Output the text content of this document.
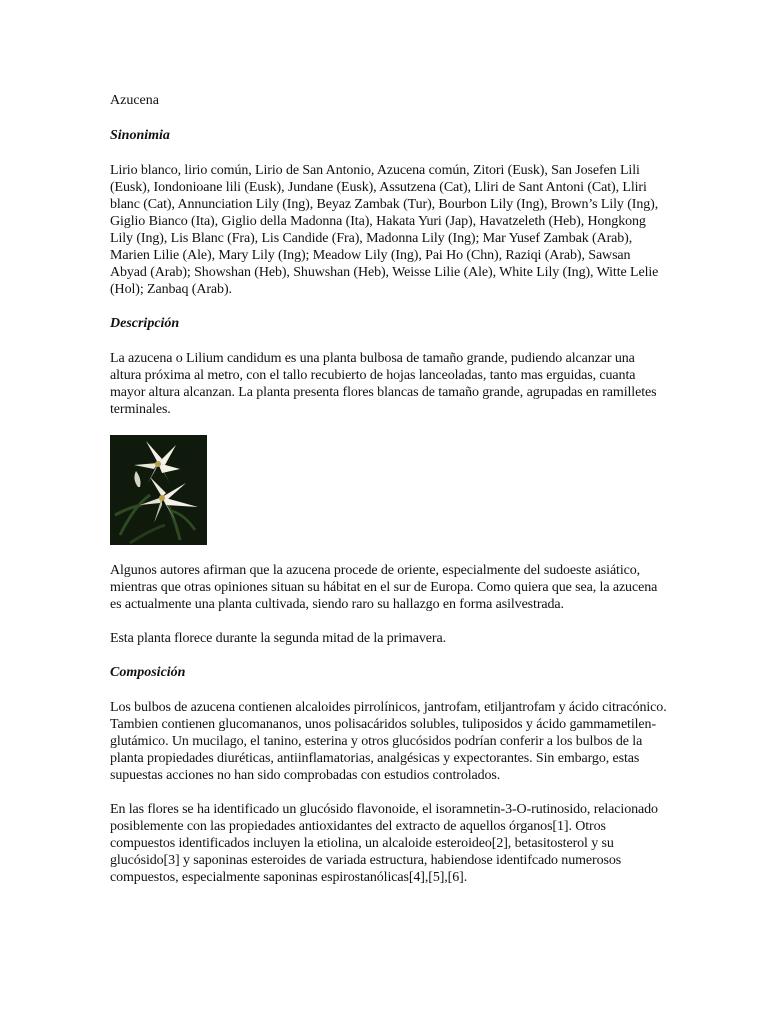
Azucena
Sinonimia

Lirio blanco, lirio común, Lirio de San Antonio, Azucena común, Zitori (Eusk), San Josefen Lili (Eusk), Iondonioane lili (Eusk), Jundane (Eusk), Assutzena (Cat), Lliri de Sant Antoni (Cat), Lliri blanc (Cat), Annunciation Lily (Ing), Beyaz Zambak (Tur), Bourbon Lily (Ing), Brown’s Lily (Ing), Giglio Bianco (Ita), Giglio della Madonna (Ita), Hakata Yuri (Jap), Havatzeleth (Heb), Hongkong Lily (Ing), Lis Blanc (Fra), Lis Candide (Fra), Madonna Lily (Ing); Mar Yusef Zambak (Arab), Marien Lilie (Ale), Mary Lily (Ing); Meadow Lily (Ing), Pai Ho (Chn), Raziqi (Arab), Sawsan Abyad (Arab); Showshan (Heb), Shuwshan (Heb), Weisse Lilie (Ale), White Lily (Ing), Witte Lelie (Hol); Zanbaq (Arab).

Descripción

La azucena o Lilium candidum es una planta bulbosa de tamaño grande, pudiendo alcanzar una altura próxima al metro, con el tallo recubierto de hojas lanceoladas, tanto mas erguidas, cuanta mayor altura alcanzan. La planta presenta flores blancas de tamaño grande, agrupadas en ramilletes terminales.

Algunos autores afirman que la azucena procede de oriente, especialmente del sudoeste asiático, mientras que otras opiniones situan su hábitat en el sur de Europa. Como quiera que sea, la azucena es actualmente una planta cultivada, siendo raro su hallazgo en forma asilvestrada.

Esta planta florece durante la segunda mitad de la primavera.

Composición

Los bulbos de azucena contienen alcaloides pirrolínicos, jantrofam, etiljantrofam y ácido citracónico. Tambien contienen glucomananos, unos polisacáridos solubles, tuliposidos y ácido gammametilen-glutámico. Un mucilago, el tanino, esterina y otros glucósidos podrían conferir a los bulbos de la planta propiedades diuréticas, antiinflamatorias, analgésicas y expectorantes. Sin embargo, estas supuestas acciones no han sido comprobadas con estudios controlados.

En las flores se ha identificado un glucósido flavonoide, el isoramnetin-3-O-rutinosido, relacionado posiblemente con las propiedades antioxidantes del extracto de aquellos órganos[1]. Otros compuestos identificados incluyen la etiolina, un alcaloide esteroideo[2], betasitosterol y su glucósido[3] y saponinas esteroides de variada estructura, habiendose identifcado numerosos compuestos, especialmente saponinas espirostanólicas[4],[5],[6].
